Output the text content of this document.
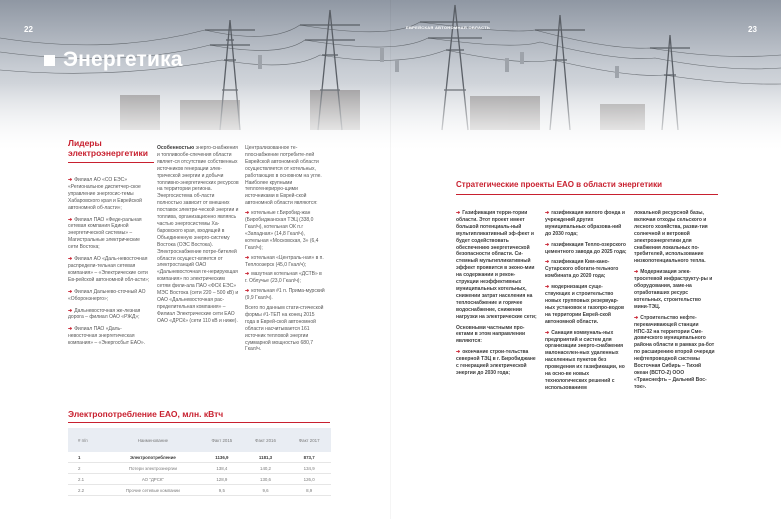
22	ЕВРЕЙСКАЯ АВТОНОМНАЯ ОБЛАСТЬ	23
Энергетика
Лидеры электроэнергетики
➔ Филиал АО «СО ЕЭС» «Региональное диспетчер-ское управление энергосис-темы Хабаровского края и Еврейской автономной об-ласти»;
➔ Филиал ПАО «Феде-ральная сетевая компания Единой энергетической системы» – Магистральные электрические сети Востока;
➔ Филиал АО «Даль-невосточная распредели-тельная сетевая компания» – «Электрические сети Ев-рейской автономной обл-асти»;
➔ Филиал Дальнево-сточный АО «Оборонэнерго»;
➔ Дальневосточная же-лезная дорога – филиал ОАО «РЖД»;
➔ Филиал ПАО «Даль-невосточная энергетическая компания» – «Энергосбыт ЕАО».

Особенностью энерго-снабжения и топливообе-спечения области являет-ся отсутствие собственных источников генерации элек-трической энергии и добычи топливно-энергетических ресурсов на территории региона. Энергосистема об-ласти полностью зависит от внешних поставок электри-ческой энергии и топлива, организационно являясь частью энергосистемы Ха-баровского края, входящей в Объединенную энерго-систему Востока (ОЭС Востока). Электроснабжение потре-бителей области осущест-вляется от электростанций ОАО «Дальневосточная ге-нерирующая компания» по электрическим сетям фили-ала ПАО «ФСК ЕЭС» МЭС Востока (сети 220 – 500 кВ) и ОАО «Дальневосточная рас-пределительная компания» – Филиал Электрические сети ЕАО ОАО «ДРСК» (сети 110 кВ и ниже).

Централизованное те-плоснабжение потребите-лей Еврейской автономной области осуществляется от котельных, работающих в основном на угле. Наиболее крупными теплогенерирую-щими источниками в Еврей-ской автономной области являются:

➔ котельные г.Биробид-жан (Биробиджанская ТЭЦ (338,0 Гкал/ч), котельная ОК п.г «Западная» (14,8 Гкал/ч), котельная «Московская, 3» (6,4 Гкал/ч);

➔ котельная «Централь-ная» в п. Теплоозерск (45,0 Гкал/ч);

➔ мазутная котельная «ДСТВ» в г. Облучье (23,0 Гкал/ч);

➔ котельная #1 п. Прима-мурский (9,9 Гкал/ч).

Всего по данным стати-стической формы #1-ТЕП на конец 2015 года в Еврей-ской автономной области насчитывается 161 источник тепловой энергии суммарной мощностью 680,7 Гкал/ч.

Электропотребление ЕАО, млн. кВтч
# п/п	Наименование	Факт 2015	Факт 2016	Факт 2017
1	Электропотребление	1136,9	1181,3	873,7
2	Потери электроэнергии	138,4	140,2	134,9
2.1	АО "ДРСК"	128,9	130,6	126,0
2.2	Прочие сетевые компании	9,5	9,6	8,9
Стратегические проекты ЕАО в области энергетики

➔ Газификация терри-тории области. Этот проект имеет большой потенциаль-ный мультипликативный эф-фект и будет содействовать обеспечению энергетической безопасности области. Си-стемный мультипликативный эффект проявится в эконо-мии на содержании и рекон-струкции неэффективных муниципальных котельных, снижении затрат населения на теплоснабжение и горячее водоснабжение, снижении нагрузки на электрические сети;

Основными частными про-ектами в этом направлении являются:

➔ окончание строи-тельства северной ТЭЦ в г. Биробиджане с генерацией электрической энергии до 2030 года;

➔ газификация жилого фонда и учреждений других муниципальных образова-ний до 2030 года;

➔ газификация Тепло-озерского цементного завода до 2025 года;

➔ газификация Ким-кано-Сутарского обогати-тельного комбината до 2020 года;

➔ модернизация суще-ствующих и строительство новых групповых резервуар-ных установок и газопро-водов на территории Еврей-ской автономной области.

➔ Санация коммуналь-ных предприятий и систем для организации энерго-снабжения малонаселен-ных удаленных населенных пунктов без проведения их газификации, но на осно-ве новых технологических решений с использованием

локальной ресурсной базы, включая отходы сельского и лесного хозяйства, разви-тия солнечной и ветровой электроэнергетики для снабжения локальных по-требителей, использование низкопотенциального тепла.

➔ Модернизация элек-тросетевой инфраструкту-ры и оборудования, заме-на отработавших ресурс котельных, строительство мини-ТЭЦ.

➔ Строительство нефте-перекачивающей станции НПС-32 на территории Сме-довичского муниципального района области в рамках ра-бот по расширению второй очереди нефтепроводной системы Восточная Сибирь – Тихий океан (ВСТО-2) ООО «Транснефть – Дальний Вос-ток».
